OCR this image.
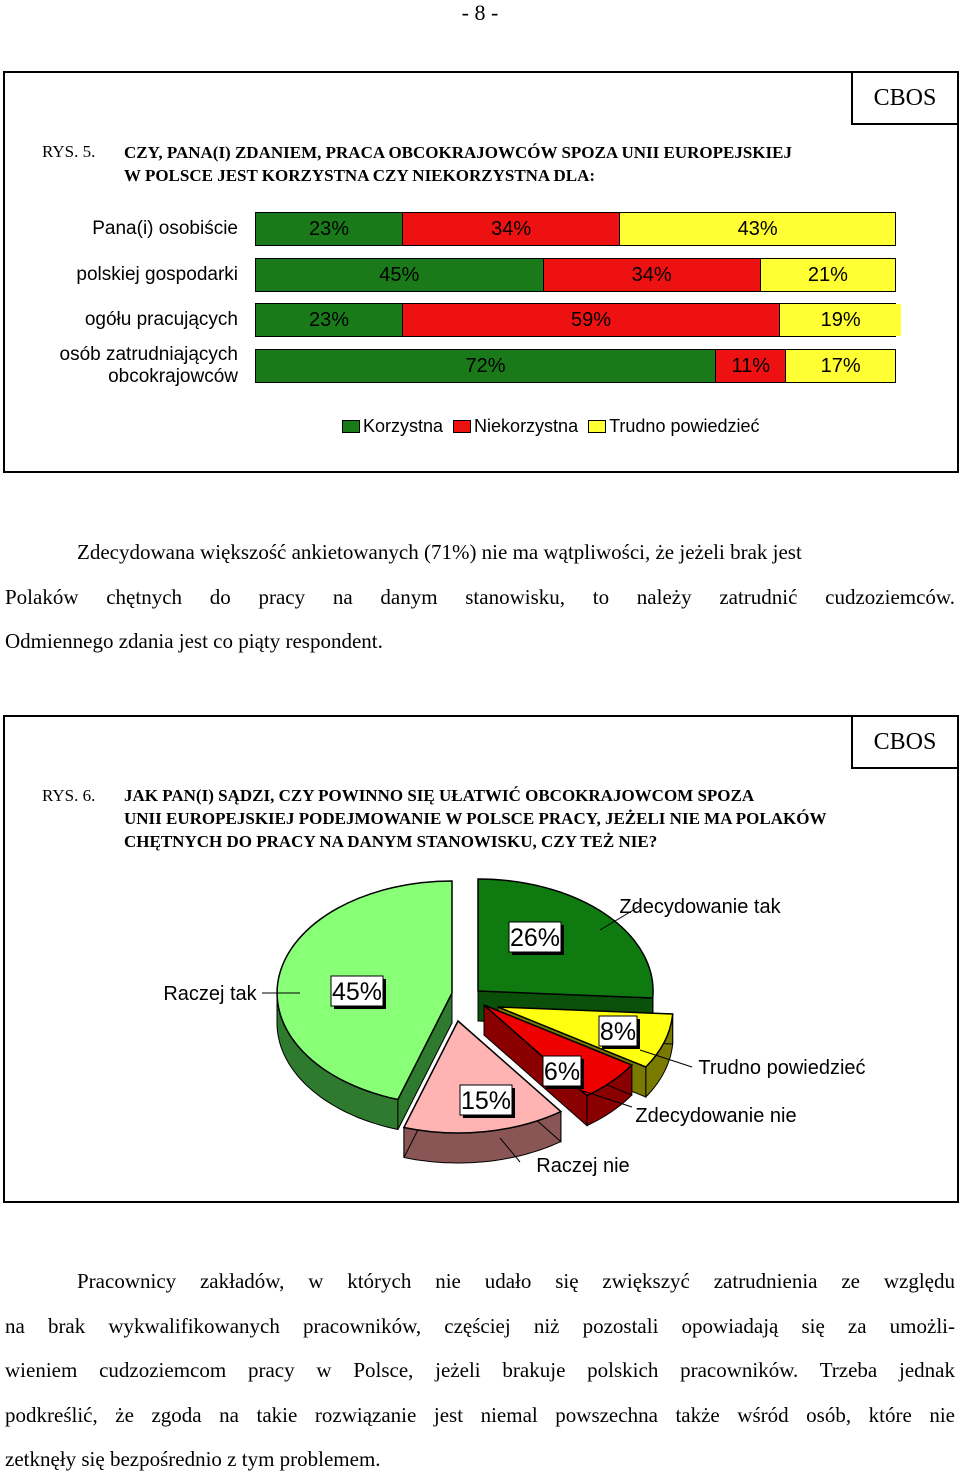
- 8 -
CBOS
RYS. 5. CZY, PANA(I) ZDANIEM, PRACA OBCOKRAJOWCÓW SPOZA UNII EUROPEJSKIEJ
W POLSCE JEST KORZYSTNA CZY NIEKORZYSTNA DLA:
Pana(i) osobiście	23%	34%	43%
polskiej gospodarki	45%	34%	21%
ogółu pracujących	23%	59%	19%
osób zatrudniających
obcokrajowców	72%	11%	17%
Korzystna Niekorzystna Trudno powiedzieć
Zdecydowana większość ankietowanych (71%) nie ma wątpliwości, że jeżeli brak jest
Polaków chętnych do pracy na danym stanowisku, to należy zatrudnić cudzoziemców.
Odmiennego zdania jest co piąty respondent.
CBOS
RYS. 6. JAK PAN(I) SĄDZI, CZY POWINNO SIĘ UŁATWIĆ OBCOKRAJOWCOM SPOZA
UNII EUROPEJSKIEJ PODEJMOWANIE W POLSCE PRACY, JEŻELI NIE MA POLAKÓW
CHĘTNYCH DO PRACY NA DANYM STANOWISKU, CZY TEŻ NIE?
26%
Zdecydowanie tak
8%
Trudno powiedzieć
6%
Zdecydowanie nie
15%
Raczej nie
45%
Raczej tak
Pracownicy zakładów, w których nie udało się zwiększyć zatrudnienia ze względu
na brak wykwalifikowanych pracowników, częściej niż pozostali opowiadają się za umożli-
wieniem cudzoziemcom pracy w Polsce, jeżeli brakuje polskich pracowników. Trzeba jednak
podkreślić, że zgoda na takie rozwiązanie jest niemal powszechna także wśród osób, które nie
zetknęły się bezpośrednio z tym problemem.
